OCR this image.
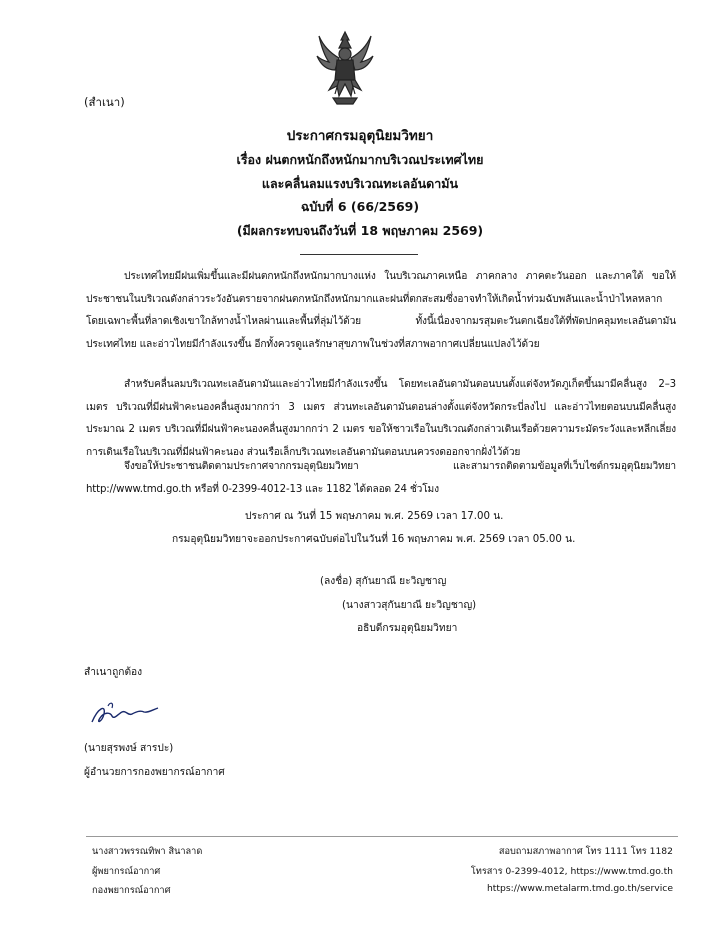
(สำเนา)
ประกาศกรมอุตุนิยมวิทยา
เรื่อง ฝนตกหนักถึงหนักมากบริเวณประเทศไทย
และคลื่นลมแรงบริเวณทะเลอันดามัน
ฉบับที่ 6 (66/2569)
(มีผลกระทบจนถึงวันที่ 18 พฤษภาคม 2569)
ประเทศไทยมีฝนเพิ่มขึ้นและมีฝนตกหนักถึงหนักมากบางแห่ง ในบริเวณภาคเหนือ ภาคกลาง ภาคตะวันออก และภาคใต้ ขอให้ประชาชนในบริเวณดังกล่าวระวังอันตรายจากฝนตกหนักถึงหนักมากและฝนที่ตกสะสมซึ่งอาจทำให้เกิดน้ำท่วมฉับพลันและน้ำป่าไหลหลาก โดยเฉพาะพื้นที่ลาดเชิงเขาใกล้ทางน้ำไหลผ่านและพื้นที่ลุ่มไว้ด้วย ทั้งนี้เนื่องจากมรสุมตะวันตกเฉียงใต้ที่พัดปกคลุมทะเลอันดามัน ประเทศไทย และอ่าวไทยมีกำลังแรงขึ้น อีกทั้งควรดูแลรักษาสุขภาพในช่วงที่สภาพอากาศเปลี่ยนแปลงไว้ด้วย
สำหรับคลื่นลมบริเวณทะเลอันดามันและอ่าวไทยมีกำลังแรงขึ้น โดยทะเลอันดามันตอนบนตั้งแต่จังหวัดภูเก็ตขึ้นมามีคลื่นสูง 2–3 เมตร บริเวณที่มีฝนฟ้าคะนองคลื่นสูงมากกว่า 3 เมตร ส่วนทะเลอันดามันตอนล่างตั้งแต่จังหวัดกระบี่ลงไป และอ่าวไทยตอนบนมีคลื่นสูงประมาณ 2 เมตร บริเวณที่มีฝนฟ้าคะนองคลื่นสูงมากกว่า 2 เมตร ขอให้ชาวเรือในบริเวณดังกล่าวเดินเรือด้วยความระมัดระวังและหลีกเลี่ยงการเดินเรือในบริเวณที่มีฝนฟ้าคะนอง ส่วนเรือเล็กบริเวณทะเลอันดามันตอนบนควรงดออกจากฝั่งไว้ด้วย
จึงขอให้ประชาชนติดตามประกาศจากกรมอุตุนิยมวิทยา และสามารถติดตามข้อมูลที่เว็บไซต์กรมอุตุนิยมวิทยา http://www.tmd.go.th หรือที่ 0-2399-4012-13 และ 1182 ได้ตลอด 24 ชั่วโมง
ประกาศ ณ วันที่ 15 พฤษภาคม พ.ศ. 2569 เวลา 17.00 น.
กรมอุตุนิยมวิทยาจะออกประกาศฉบับต่อไปในวันที่ 16 พฤษภาคม พ.ศ. 2569 เวลา 05.00 น.
(ลงชื่อ) สุกันยาณี ยะวิญชาญ
(นางสาวสุกันยาณี ยะวิญชาญ)
อธิบดีกรมอุตุนิยมวิทยา
สำเนาถูกต้อง
(นายสุรพงษ์ สารปะ)
ผู้อำนวยการกองพยากรณ์อากาศ
นางสาวพรรณทิพา สินาลาด
ผู้พยากรณ์อากาศ
กองพยากรณ์อากาศ
สอบถามสภาพอากาศ โทร 1111 โทร 1182
โทรสาร 0-2399-4012, https://www.tmd.go.th
https://www.metalarm.tmd.go.th/service
